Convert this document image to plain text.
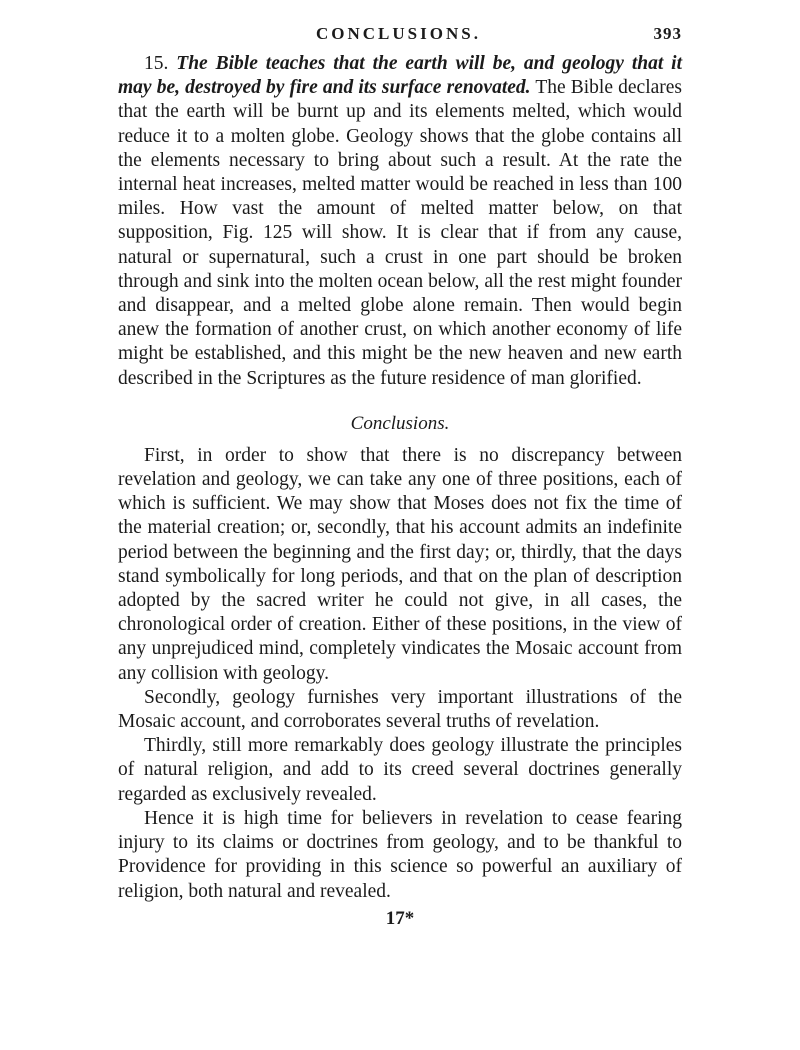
CONCLUSIONS.	393

15. The Bible teaches that the earth will be, and geology that it may be, destroyed by fire and its surface renovated. The Bible declares that the earth will be burnt up and its elements melted, which would reduce it to a molten globe. Geology shows that the globe contains all the elements necessary to bring about such a result. At the rate the internal heat increases, melted matter would be reached in less than 100 miles. How vast the amount of melted matter below, on that supposition, Fig. 125 will show. It is clear that if from any cause, natural or supernatural, such a crust in one part should be broken through and sink into the molten ocean below, all the rest might founder and disappear, and a melted globe alone remain. Then would begin anew the formation of another crust, on which another economy of life might be established, and this might be the new heaven and new earth described in the Scriptures as the future residence of man glorified.

Conclusions.

First, in order to show that there is no discrepancy between revelation and geology, we can take any one of three positions, each of which is sufficient. We may show that Moses does not fix the time of the material creation; or, secondly, that his account admits an indefinite period between the beginning and the first day; or, thirdly, that the days stand symbolically for long periods, and that on the plan of description adopted by the sacred writer he could not give, in all cases, the chronological order of creation. Either of these positions, in the view of any unprejudiced mind, completely vindicates the Mosaic account from any collision with geology.

Secondly, geology furnishes very important illustrations of the Mosaic account, and corroborates several truths of revelation.

Thirdly, still more remarkably does geology illustrate the principles of natural religion, and add to its creed several doctrines generally regarded as exclusively revealed.

Hence it is high time for believers in revelation to cease fearing injury to its claims or doctrines from geology, and to be thankful to Providence for providing in this science so powerful an auxiliary of religion, both natural and revealed.

17*
